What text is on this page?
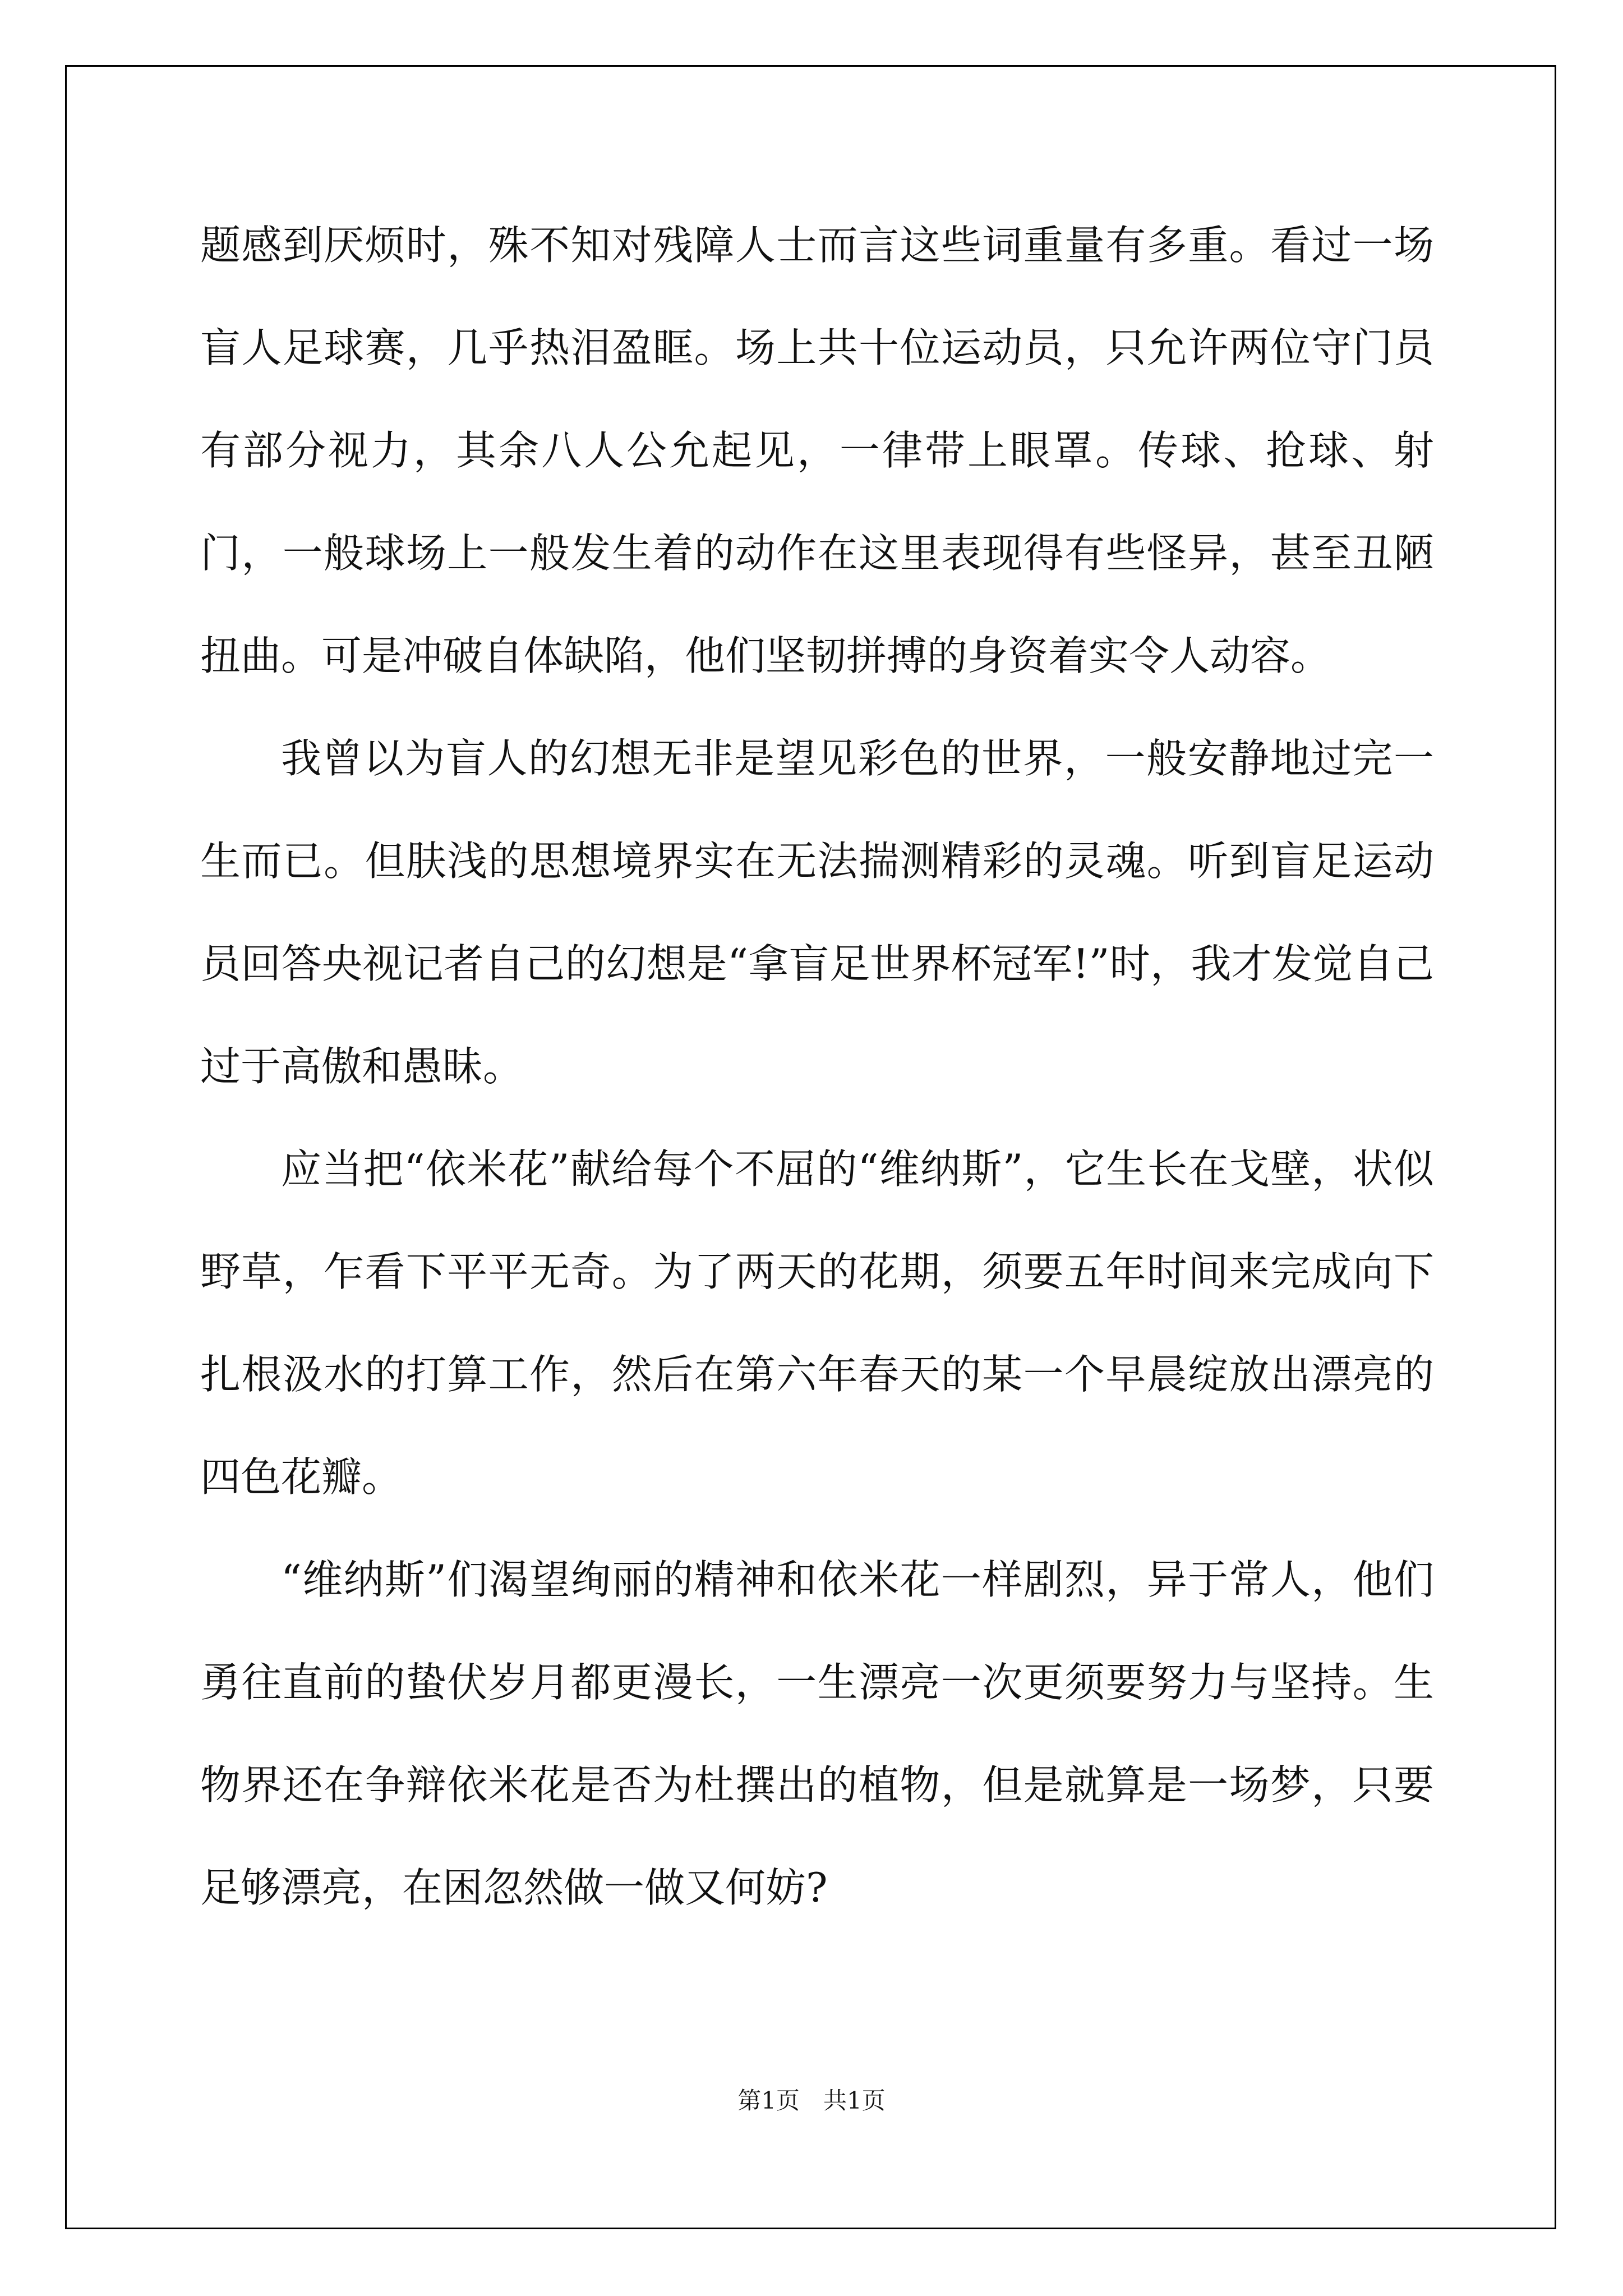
题感到厌烦时，殊不知对残障人士而言这些词重量有多重。看过一场盲人足球赛，几乎热泪盈眶。场上共十位运动员，只允许两位守门员有部分视力，其余八人公允起见，一律带上眼罩。传球、抢球、射门，一般球场上一般发生着的动作在这里表现得有些怪异，甚至丑陋扭曲。可是冲破自体缺陷，他们坚韧拼搏的身资着实令人动容。

我曾以为盲人的幻想无非是望见彩色的世界，一般安静地过完一生而已。但肤浅的思想境界实在无法揣测精彩的灵魂。听到盲足运动员回答央视记者自己的幻想是“拿盲足世界杯冠军!”时，我才发觉自己过于高傲和愚昧。

应当把“依米花”献给每个不屈的“维纳斯”，它生长在戈壁，状似野草，乍看下平平无奇。为了两天的花期，须要五年时间来完成向下扎根汲水的打算工作，然后在第六年春天的某一个早晨绽放出漂亮的四色花瓣。

“维纳斯”们渴望绚丽的精神和依米花一样剧烈，异于常人，他们勇往直前的蛰伏岁月都更漫长，一生漂亮一次更须要努力与坚持。生物界还在争辩依米花是否为杜撰出的植物，但是就算是一场梦，只要足够漂亮，在困忽然做一做又何妨?

第1页　共1页
